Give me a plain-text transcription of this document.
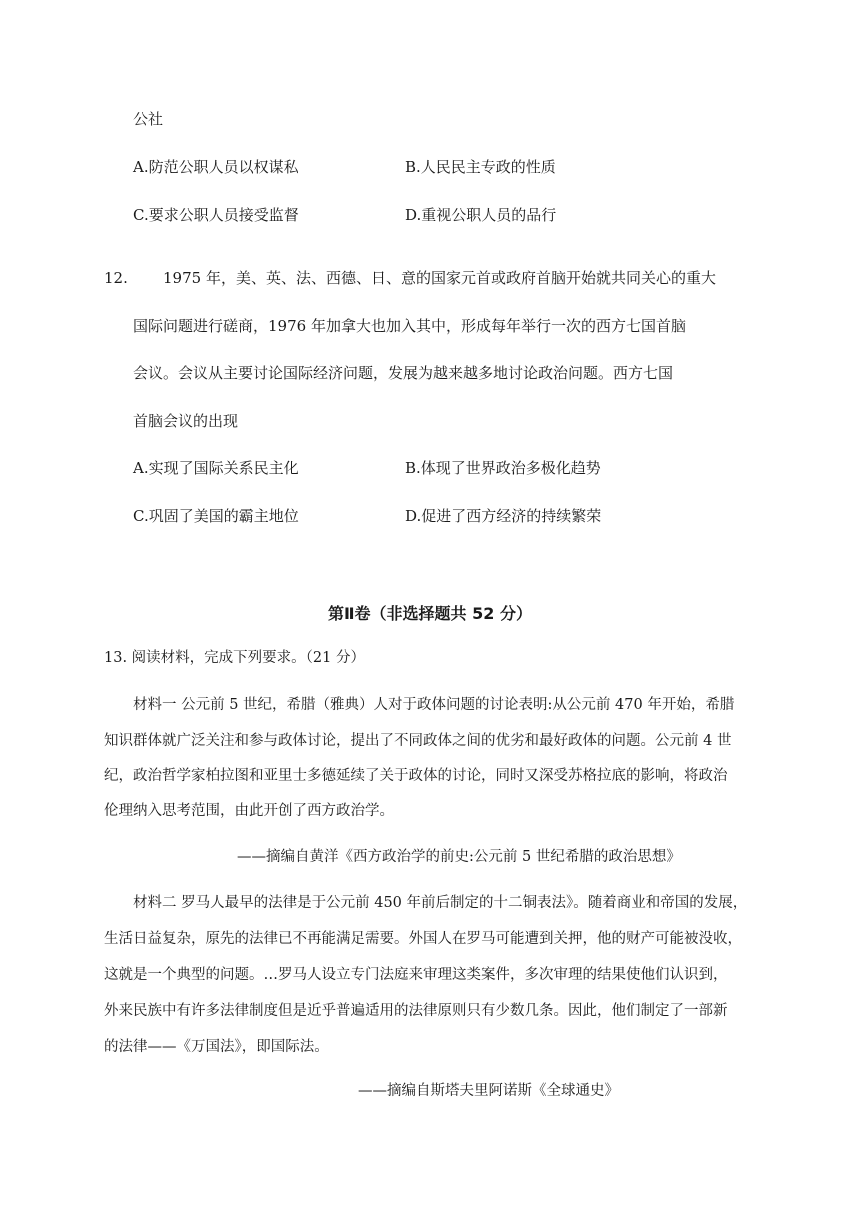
公社
A.防范公职人员以权谋私	B.人民民主专政的性质
C.要求公职人员接受监督	D.重视公职人员的品行
12. 1975 年，美、英、法、西德、日、意的国家元首或政府首脑开始就共同关心的重大
国际问题进行磋商，1976 年加拿大也加入其中，形成每年举行一次的西方七国首脑
会议。会议从主要讨论国际经济问题，发展为越来越多地讨论政治问题。西方七国
首脑会议的出现
A.实现了国际关系民主化	B.体现了世界政治多极化趋势
C.巩固了美国的霸主地位	D.促进了西方经济的持续繁荣
第Ⅱ卷（非选择题共 52 分）
13. 阅读材料，完成下列要求。（21 分）
材料一 公元前 5 世纪，希腊（雅典）人对于政体问题的讨论表明:从公元前 470 年开始，希腊
知识群体就广泛关注和参与政体讨论，提出了不同政体之间的优劣和最好政体的问题。公元前 4 世
纪，政治哲学家柏拉图和亚里士多德延续了关于政体的讨论，同时又深受苏格拉底的影响，将政治
伦理纳入思考范围，由此开创了西方政治学。
——摘编自黄洋《西方政治学的前史:公元前 5 世纪希腊的政治思想》
材料二 罗马人最早的法律是于公元前 450 年前后制定的十二铜表法》。随着商业和帝国的发展，
生活日益复杂，原先的法律已不再能满足需要。外国人在罗马可能遭到关押，他的财产可能被没收，
这就是一个典型的问题。…罗马人设立专门法庭来审理这类案件，多次审理的结果使他们认识到，
外来民族中有许多法律制度但是近乎普遍适用的法律原则只有少数几条。因此，他们制定了一部新
的法律——《万国法》，即国际法。
——摘编自斯塔夫里阿诺斯《全球通史》
